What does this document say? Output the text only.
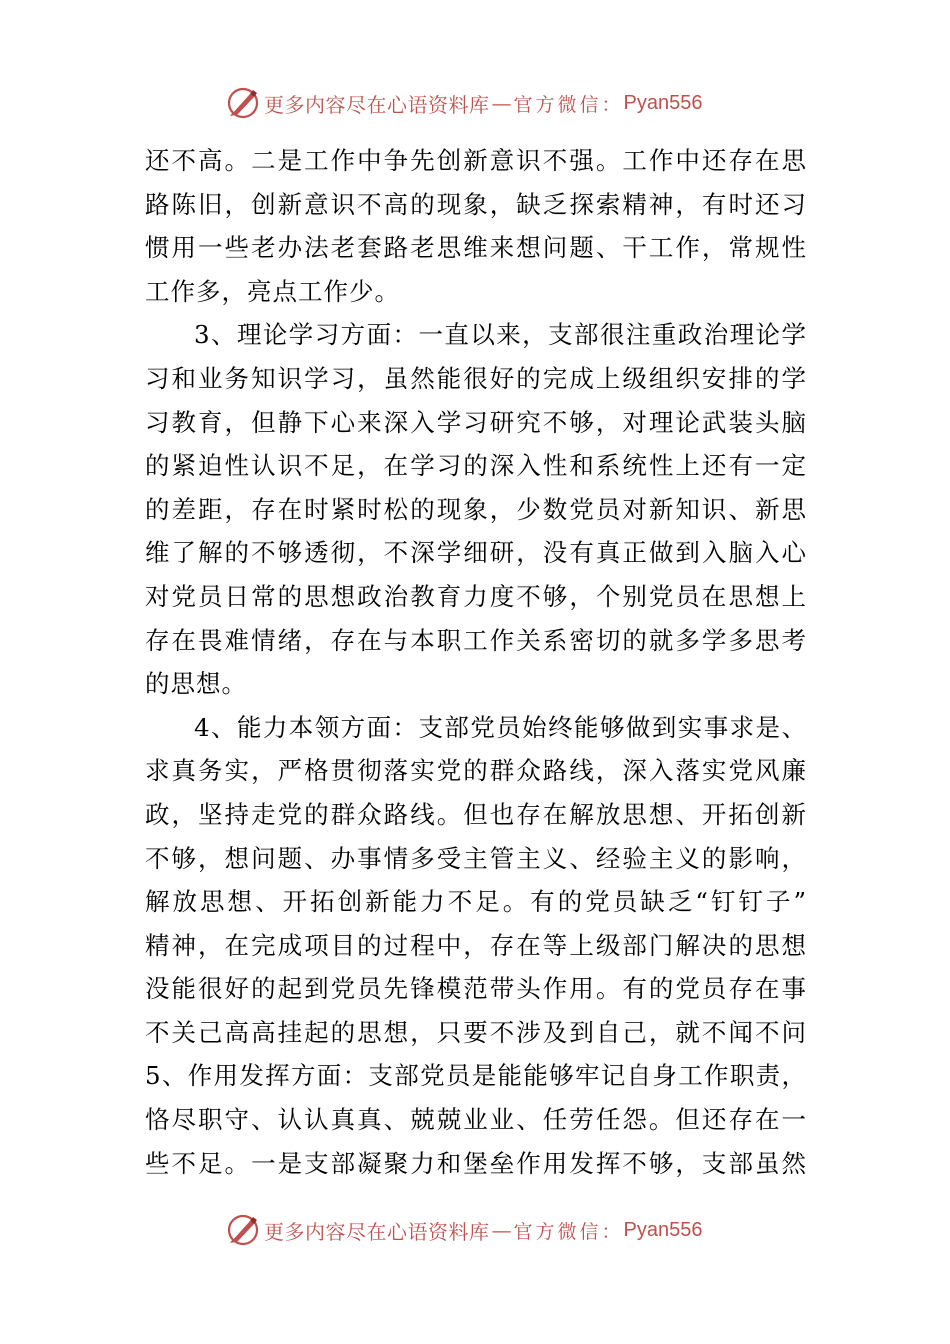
更多内容尽在心语资料库 — 官方微信： Pyan556
还不高。二是工作中争先创新意识不强。工作中还存在思
路陈旧，创新意识不高的现象，缺乏探索精神，有时还习
惯用一些老办法老套路老思维来想问题、干工作，常规性
工作多，亮点工作少。
3、理论学习方面：一直以来，支部很注重政治理论学
习和业务知识学习，虽然能很好的完成上级组织安排的学
习教育，但静下心来深入学习研究不够，对理论武装头脑
的紧迫性认识不足，在学习的深入性和系统性上还有一定
的差距，存在时紧时松的现象，少数党员对新知识、新思
维了解的不够透彻，不深学细研，没有真正做到入脑入心
对党员日常的思想政治教育力度不够，个别党员在思想上
存在畏难情绪，存在与本职工作关系密切的就多学多思考
的思想。
4、能力本领方面：支部党员始终能够做到实事求是、
求真务实，严格贯彻落实党的群众路线，深入落实党风廉
政，坚持走党的群众路线。但也存在解放思想、开拓创新
不够，想问题、办事情多受主管主义、经验主义的影响，
解放思想、开拓创新能力不足。有的党员缺乏“钉钉子”
精神，在完成项目的过程中，存在等上级部门解决的思想
没能很好的起到党员先锋模范带头作用。有的党员存在事
不关己高高挂起的思想，只要不涉及到自己，就不闻不问
5、作用发挥方面：支部党员是能能够牢记自身工作职责，
恪尽职守、认认真真、兢兢业业、任劳任怨。但还存在一
些不足。一是支部凝聚力和堡垒作用发挥不够，支部虽然
更多内容尽在心语资料库 — 官方微信： Pyan556
